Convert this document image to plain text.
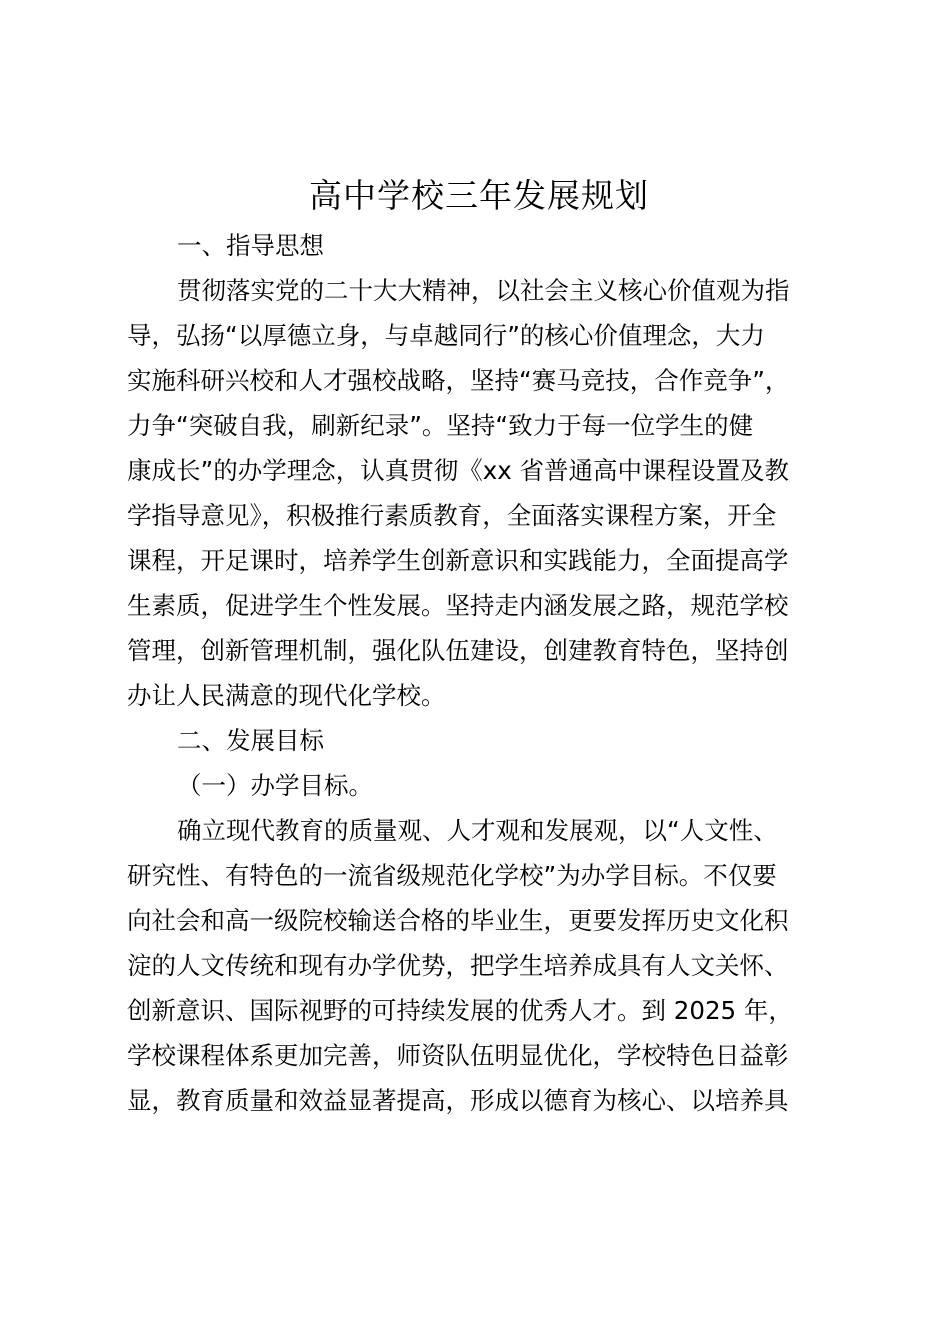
高中学校三年发展规划
一、指导思想
贯彻落实党的二十大大精神，以社会主义核心价值观为指
导，弘扬“以厚德立身，与卓越同行”的核心价值理念，大力
实施科研兴校和人才强校战略，坚持“赛马竞技，合作竞争”，
力争“突破自我，刷新纪录”。坚持“致力于每一位学生的健
康成长”的办学理念，认真贯彻《xx 省普通高中课程设置及教
学指导意见》，积极推行素质教育，全面落实课程方案，开全
课程，开足课时，培养学生创新意识和实践能力，全面提高学
生素质，促进学生个性发展。坚持走内涵发展之路，规范学校
管理，创新管理机制，强化队伍建设，创建教育特色，坚持创
办让人民满意的现代化学校。
二、发展目标
（一）办学目标。
确立现代教育的质量观、人才观和发展观，以“人文性、
研究性、有特色的一流省级规范化学校”为办学目标。不仅要
向社会和高一级院校输送合格的毕业生，更要发挥历史文化积
淀的人文传统和现有办学优势，把学生培养成具有人文关怀、
创新意识、国际视野的可持续发展的优秀人才。到 2025 年，
学校课程体系更加完善，师资队伍明显优化，学校特色日益彰
显，教育质量和效益显著提高，形成以德育为核心、以培养具
